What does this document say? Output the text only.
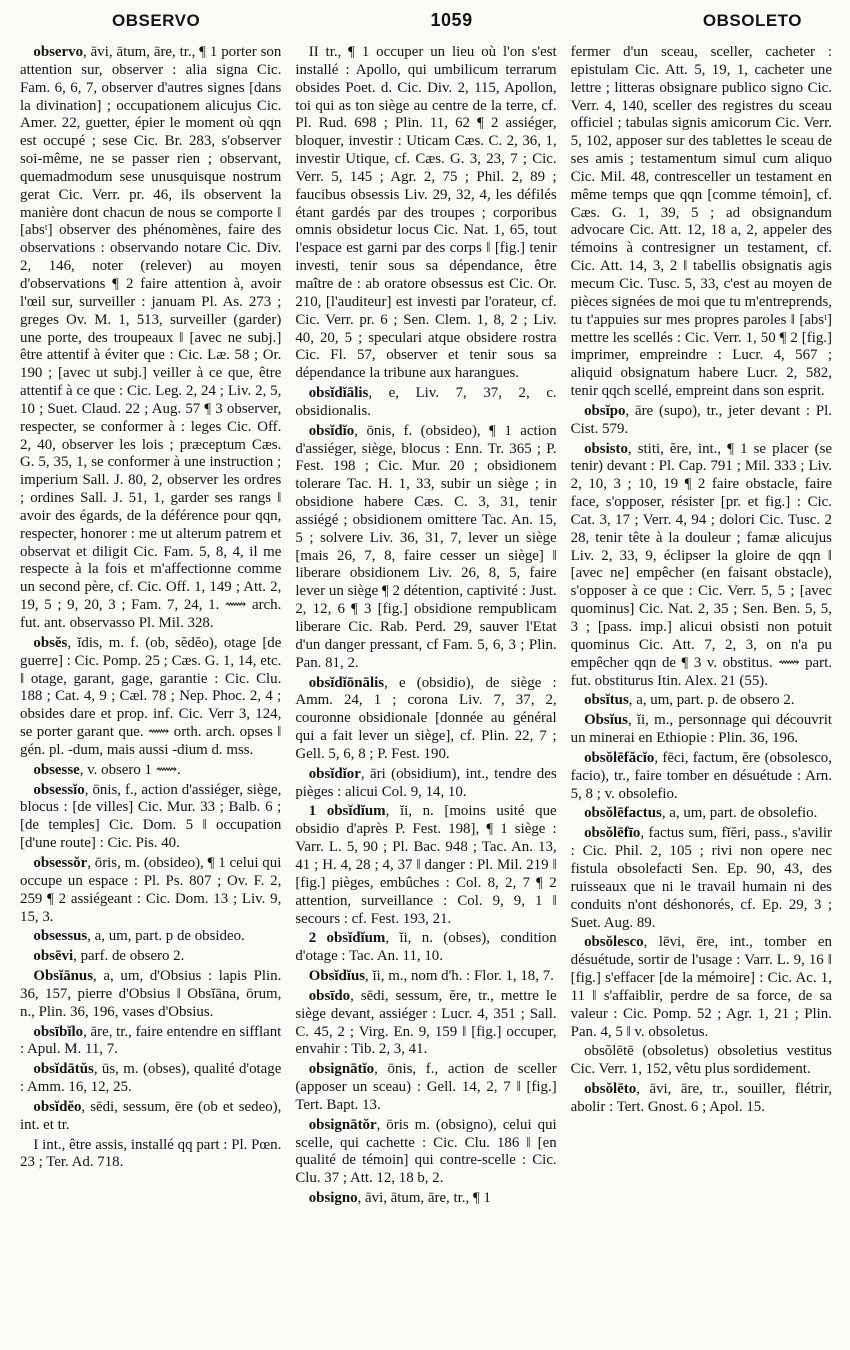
OBSERVO	1059	OBSOLETO

observo, āvi, ātum, āre, tr., ¶ 1 porter son attention sur, observer : alia signa Cic. Fam. 6, 6, 7, observer d'autres signes [dans la divination] ; occupationem alicujus Cic. Amer. 22, guetter, épier le moment où qqn est occupé ; sese Cic. Br. 283, s'observer soi-même, ne se passer rien ; observant, quemadmodum sese unusquisque nostrum gerat Cic. Verr. pr. 46, ils observent la manière dont chacun de nous se comporte ‖ [absᵗ] observer des phénomènes, faire des observations : observando notare Cic. Div. 2, 146, noter (relever) au moyen d'observations ¶ 2 faire attention à, avoir l'œil sur, surveiller : januam Pl. As. 273 ; greges Ov. M. 1, 513, surveiller (garder) une porte, des troupeaux ‖ [avec ne subj.] être attentif à éviter que : Cic. Læ. 58 ; Or. 190 ; [avec ut subj.] veiller à ce que, être attentif à ce que : Cic. Leg. 2, 24 ; Liv. 2, 5, 10 ; Suet. Claud. 22 ; Aug. 57 ¶ 3 observer, respecter, se conformer à : leges Cic. Off. 2, 40, observer les lois ; præceptum Cæs. G. 5, 35, 1, se conformer à une instruction ; imperium Sall. J. 80, 2, observer les ordres ; ordines Sall. J. 51, 1, garder ses rangs ‖ avoir des égards, de la déférence pour qqn, respecter, honorer : me ut alterum patrem et observat et diligit Cic. Fam. 5, 8, 4, il me respecte à la fois et m'affectionne comme un second père, cf. Cic. Off. 1, 149 ; Att. 2, 19, 5 ; 9, 20, 3 ; Fam. 7, 24, 1. ⟿ arch. fut. ant. observasso Pl. Mil. 328.

obsĕs, ĭdis, m. f. (ob, sĕdĕo), otage [de guerre] : Cic. Pomp. 25 ; Cæs. G. 1, 14, etc. ‖ otage, garant, gage, garantie : Cic. Clu. 188 ; Cat. 4, 9 ; Cæl. 78 ; Nep. Phoc. 2, 4 ; obsides dare et prop. inf. Cic. Verr 3, 124, se porter garant que. ⟿ orth. arch. opses ‖ gén. pl. -dum, mais aussi -dium d. mss.

obsesse, v. obsero 1 ⟿.

obsessĭo, ōnis, f., action d'assiéger, siège, blocus : [de villes] Cic. Mur. 33 ; Balb. 6 ; [de temples] Cic. Dom. 5 ‖ occupation [d'une route] : Cic. Pis. 40.

obsessŏr, ōris, m. (obsideo), ¶ 1 celui qui occupe un espace : Pl. Ps. 807 ; Ov. F. 2, 259 ¶ 2 assiégeant : Cic. Dom. 13 ; Liv. 9, 15, 3.

obsessus, a, um, part. p de obsideo.

obsēvi, parf. de obsero 2.

Obsĭānus, a, um, d'Obsius : lapis Plin. 36, 157, pierre d'Obsius ‖ Obsĭāna, ōrum, n., Plin. 36, 196, vases d'Obsius.

obsībĭlo, āre, tr., faire entendre en sifflant : Apul. M. 11, 7.

obsĭdātŭs, ūs, m. (obses), qualité d'otage : Amm. 16, 12, 25.

obsĭdĕo, sēdi, sessum, ēre (ob et sedeo), int. et tr.

I int., être assis, installé qq part : Pl. Pœn. 23 ; Ter. Ad. 718.

II tr., ¶ 1 occuper un lieu où l'on s'est installé : Apollo, qui umbilicum terrarum obsides Poet. d. Cic. Div. 2, 115, Apollon, toi qui as ton siège au centre de la terre, cf. Pl. Rud. 698 ; Plin. 11, 62 ¶ 2 assiéger, bloquer, investir : Uticam Cæs. C. 2, 36, 1, investir Utique, cf. Cæs. G. 3, 23, 7 ; Cic. Verr. 5, 145 ; Agr. 2, 75 ; Phil. 2, 89 ; faucibus obsessis Liv. 29, 32, 4, les défilés étant gardés par des troupes ; corporibus omnis obsidetur locus Cic. Nat. 1, 65, tout l'espace est garni par des corps ‖ [fig.] tenir investi, tenir sous sa dépendance, être maître de : ab oratore obsessus est Cic. Or. 210, [l'auditeur] est investi par l'orateur, cf. Cic. Verr. pr. 6 ; Sen. Clem. 1, 8, 2 ; Liv. 40, 20, 5 ; speculari atque obsidere rostra Cic. Fl. 57, observer et tenir sous sa dépendance la tribune aux harangues.

obsĭdĭālis, e, Liv. 7, 37, 2, c. obsidionalis.

obsĭdĭo, ōnis, f. (obsideo), ¶ 1 action d'assiéger, siège, blocus : Enn. Tr. 365 ; P. Fest. 198 ; Cic. Mur. 20 ; obsidionem tolerare Tac. H. 1, 33, subir un siège ; in obsidione habere Cæs. C. 3, 31, tenir assiégé ; obsidionem omittere Tac. An. 15, 5 ; solvere Liv. 36, 31, 7, lever un siège [mais 26, 7, 8, faire cesser un siège] ‖ liberare obsidionem Liv. 26, 8, 5, faire lever un siège ¶ 2 détention, captivité : Just. 2, 12, 6 ¶ 3 [fig.] obsidione rempublicam liberare Cic. Rab. Perd. 29, sauver l'Etat d'un danger pressant, cf Fam. 5, 6, 3 ; Plin. Pan. 81, 2.

obsĭdĭōnālis, e (obsidio), de siège : Amm. 24, 1 ; corona Liv. 7, 37, 2, couronne obsidionale [donnée au général qui a fait lever un siège], cf. Plin. 22, 7 ; Gell. 5, 6, 8 ; P. Fest. 190.

obsĭdĭor, āri (obsidium), int., tendre des pièges : alicui Col. 9, 14, 10.

1 obsĭdĭum, ĭi, n. [moins usité que obsidio d'après P. Fest. 198], ¶ 1 siège : Varr. L. 5, 90 ; Pl. Bac. 948 ; Tac. An. 13, 41 ; H. 4, 28 ; 4, 37 ‖ danger : Pl. Mil. 219 ‖ [fig.] pièges, embûches : Col. 8, 2, 7 ¶ 2 attention, surveillance : Col. 9, 9, 1 ‖ secours : cf. Fest. 193, 21.

2 obsĭdĭum, ĭi, n. (obses), condition d'otage : Tac. An. 11, 10.

Obsĭdĭus, ĭi, m., nom d'h. : Flor. 1, 18, 7.

obsīdo, sēdi, sessum, ĕre, tr., mettre le siège devant, assiéger : Lucr. 4, 351 ; Sall. C. 45, 2 ; Virg. En. 9, 159 ‖ [fig.] occuper, envahir : Tib. 2, 3, 41.

obsignātĭo, ōnis, f., action de sceller (apposer un sceau) : Gell. 14, 2, 7 ‖ [fig.] Tert. Bapt. 13.

obsignātŏr, ōris m. (obsigno), celui qui scelle, qui cachette : Cic. Clu. 186 ‖ [en qualité de témoin] qui contre-scelle : Cic. Clu. 37 ; Att. 12, 18 b, 2.

obsigno, āvi, ātum, āre, tr., ¶ 1

fermer d'un sceau, sceller, cacheter : epistulam Cic. Att. 5, 19, 1, cacheter une lettre ; litteras obsignare publico signo Cic. Verr. 4, 140, sceller des registres du sceau officiel ; tabulas signis amicorum Cic. Verr. 5, 102, apposer sur des tablettes le sceau de ses amis ; testamentum simul cum aliquo Cic. Mil. 48, contresceller un testament en même temps que qqn [comme témoin], cf. Cæs. G. 1, 39, 5 ; ad obsignandum advocare Cic. Att. 12, 18 a, 2, appeler des témoins à contresigner un testament, cf. Cic. Att. 14, 3, 2 ‖ tabellis obsignatis agis mecum Cic. Tusc. 5, 33, c'est au moyen de pièces signées de moi que tu m'entreprends, tu t'appuies sur mes propres paroles ‖ [absᵗ] mettre les scellés : Cic. Verr. 1, 50 ¶ 2 [fig.] imprimer, empreindre : Lucr. 4, 567 ; aliquid obsignatum habere Lucr. 2, 582, tenir qqch scellé, empreint dans son esprit.

obsĭpo, āre (supo), tr., jeter devant : Pl. Cist. 579.

obsisto, stiti, ĕre, int., ¶ 1 se placer (se tenir) devant : Pl. Cap. 791 ; Mil. 333 ; Liv. 2, 10, 3 ; 10, 19 ¶ 2 faire obstacle, faire face, s'opposer, résister [pr. et fig.] : Cic. Cat. 3, 17 ; Verr. 4, 94 ; dolori Cic. Tusc. 2 28, tenir tête à la douleur ; famæ alicujus Liv. 2, 33, 9, éclipser la gloire de qqn ‖ [avec ne] empêcher (en faisant obstacle), s'opposer à ce que : Cic. Verr. 5, 5 ; [avec quominus] Cic. Nat. 2, 35 ; Sen. Ben. 5, 5, 3 ; [pass. imp.] alicui obsisti non potuit quominus Cic. Att. 7, 2, 3, on n'a pu empêcher qqn de ¶ 3 v. obstitus. ⟿ part. fut. obstiturus Itin. Alex. 21 (55).

obsĭtus, a, um, part. p. de obsero 2.

Obsĭus, ĭi, m., personnage qui découvrit un minerai en Ethiopie : Plin. 36, 196.

obsŏlēfăcĭo, fēci, factum, ĕre (obsolesco, facio), tr., faire tomber en désuétude : Arn. 5, 8 ; v. obsolefio.

obsŏlēfactus, a, um, part. de obsolefio.

obsŏlēfīo, factus sum, fĭĕri, pass., s'avilir : Cic. Phil. 2, 105 ; rivi non opere nec fistula obsolefacti Sen. Ep. 90, 43, des ruisseaux que ni le travail humain ni des conduits n'ont déshonorés, cf. Ep. 29, 3 ; Suet. Aug. 89.

obsŏlesco, lēvi, ēre, int., tomber en désuétude, sortir de l'usage : Varr. L. 9, 16 ‖ [fig.] s'effacer [de la mémoire] : Cic. Ac. 1, 11 ‖ s'affaiblir, perdre de sa force, de sa valeur : Cic. Pomp. 52 ; Agr. 1, 21 ; Plin. Pan. 4, 5 ‖ v. obsoletus.

obsŏlētē (obsoletus) obsoletius vestitus Cic. Verr. 1, 152, vêtu plus sordidement.

obsŏlēto, āvi, āre, tr., souiller, flétrir, abolir : Tert. Gnost. 6 ; Apol. 15.
